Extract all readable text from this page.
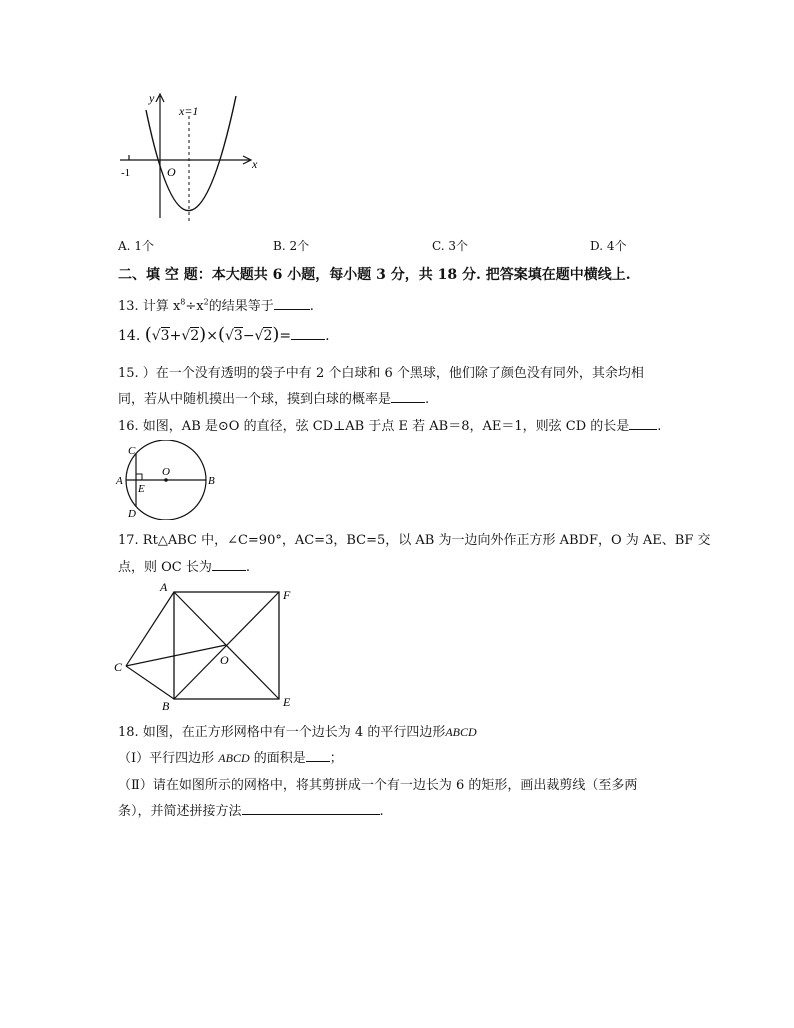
y
x
x=1
O
-1
A. 1个	B. 2个	C. 3个	D. 4个
二、填 空 题：本大题共 6 小题，每小题 3 分，共 18 分. 把答案填在题中横线上.
13. 计算 $x^8\div x^2$的结果等于	.
14. (√3+√2)×(√3−√2)= .
15. ）在一个没有透明的袋子中有 2 个白球和 6 个黑球，他们除了颜色没有同外，其余均相
同，若从中随机摸出一个球，摸到白球的概率是	.
16. 如图，AB 是⊙O 的直径，弦 CD⊥AB 于点 E 若 AB＝8，AE＝1，则弦 CD 的长是 .
C
A
E
O
B
D
17. Rt△ABC 中，∠C=90°，AC=3，BC=5，以 AB 为一边向外作正方形 ABDF，O 为 AE、BF 交
点，则 OC 长为	.
A
F
C	O
B	E
18. 如图，在正方形网格中有一个边长为 4 的平行四边形ABCD
（Ⅰ）平行四边形 ABCD 的面积是 ；
（Ⅱ）请在如图所示的网格中，将其剪拼成一个有一边长为 6 的矩形，画出裁剪线（至多两
条），并简述拼接方法	.
